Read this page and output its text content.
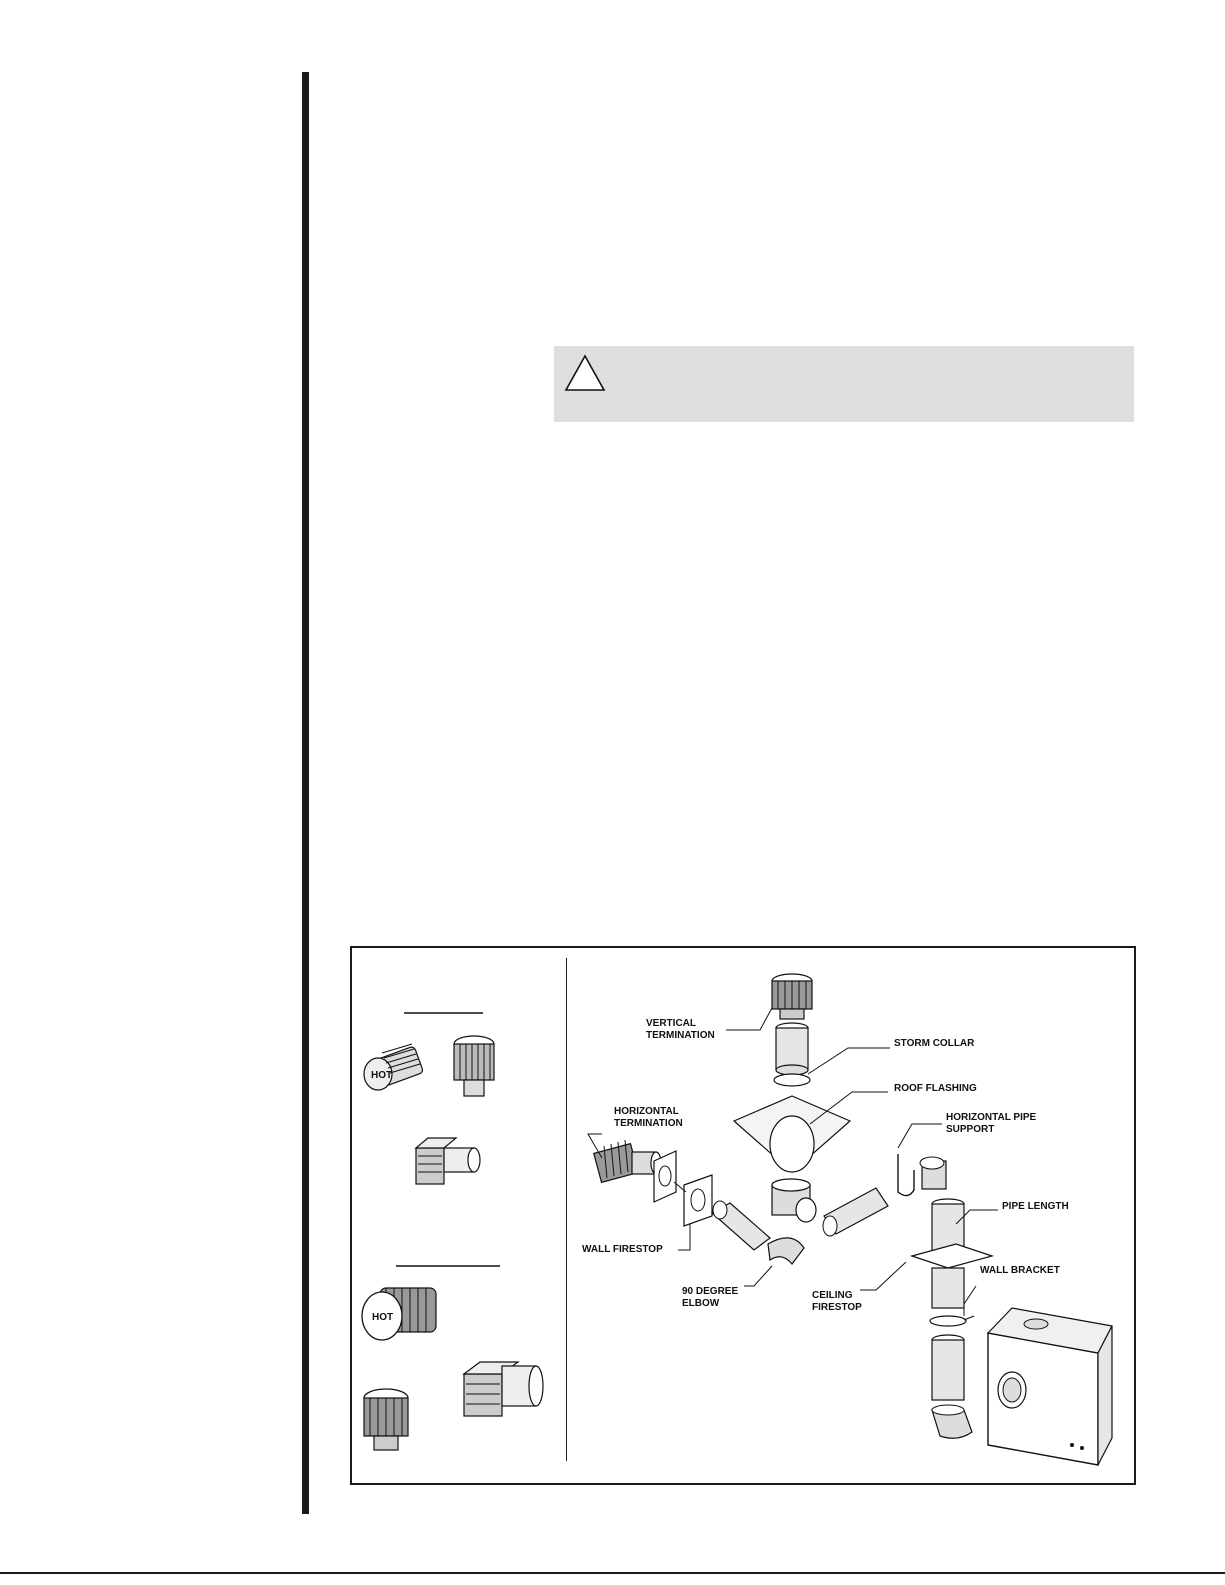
HOT
HOT
VERTICAL
TERMINATION
STORM COLLAR
ROOF FLASHING
HORIZONTAL
TERMINATION
HORIZONTAL PIPE
SUPPORT
PIPE LENGTH
WALL FIRESTOP
WALL BRACKET
CEILING
FIRESTOP
90 DEGREE
ELBOW
